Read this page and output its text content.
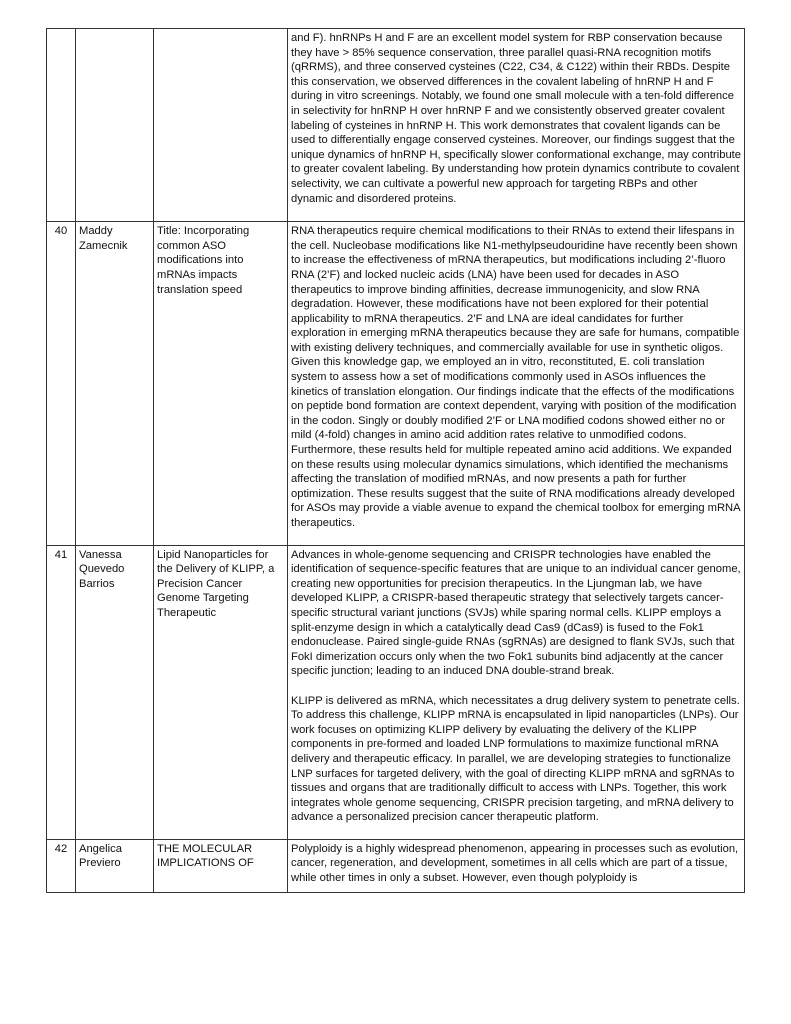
			and F). hnRNPs H and F are an excellent model system for RBP conservation because they have > 85% sequence conservation, three parallel quasi-RNA recognition motifs (qRRMS), and three conserved cysteines (C22, C34, & C122) within their RBDs. Despite this conservation, we observed differences in the covalent labeling of hnRNP H and F during in vitro screenings. Notably, we found one small molecule with a ten-fold difference in selectivity for hnRNP H over hnRNP F and we consistently observed greater covalent labeling of cysteines in hnRNP H. This work demonstrates that covalent ligands can be used to differentially engage conserved cysteines. Moreover, our findings suggest that the unique dynamics of hnRNP H, specifically slower conformational exchange, may contribute to greater covalent labeling. By understanding how protein dynamics contribute to covalent selectivity, we can cultivate a powerful new approach for targeting RBPs and other dynamic and disordered proteins.

40	Maddy Zamecnik	Title: Incorporating common ASO modifications into mRNAs impacts translation speed	RNA therapeutics require chemical modifications to their RNAs to extend their lifespans in the cell. Nucleobase modifications like N1-methylpseudouridine have recently been shown to increase the effectiveness of mRNA therapeutics, but modifications including 2’-fluoro RNA (2’F) and locked nucleic acids (LNA) have been used for decades in ASO therapeutics to improve binding affinities, decrease immunogenicity, and slow RNA degradation. However, these modifications have not been explored for their potential applicability to mRNA therapeutics. 2’F and LNA are ideal candidates for further exploration in emerging mRNA therapeutics because they are safe for humans, compatible with existing delivery techniques, and commercially available for use in synthetic oligos. Given this knowledge gap, we employed an in vitro, reconstituted, E. coli translation system to assess how a set of modifications commonly used in ASOs influences the kinetics of translation elongation. Our findings indicate that the effects of the modifications on peptide bond formation are context dependent, varying with position of the modification in the codon. Singly or doubly modified 2’F or LNA modified codons showed either no or mild (4-fold) changes in amino acid addition rates relative to unmodified codons. Furthermore, these results held for multiple repeated amino acid additions. We expanded on these results using molecular dynamics simulations, which identified the mechanisms affecting the translation of modified mRNAs, and now presents a path for further optimization. These results suggest that the suite of RNA modifications already developed for ASOs may provide a viable avenue to expand the chemical toolbox for emerging mRNA therapeutics.

41	Vanessa Quevedo Barrios	Lipid Nanoparticles for the Delivery of KLIPP, a Precision Cancer Genome Targeting Therapeutic	Advances in whole-genome sequencing and CRISPR technologies have enabled the identification of sequence-specific features that are unique to an individual cancer genome, creating new opportunities for precision therapeutics. In the Ljungman lab, we have developed KLIPP, a CRISPR-based therapeutic strategy that selectively targets cancer-specific structural variant junctions (SVJs) while sparing normal cells. KLIPP employs a split-enzyme design in which a catalytically dead Cas9 (dCas9) is fused to the Fok1 endonuclease. Paired single-guide RNAs (sgRNAs) are designed to flank SVJs, such that FokI dimerization occurs only when the two Fok1 subunits bind adjacently at the cancer specific junction; leading to an induced DNA double-strand break.

KLIPP is delivered as mRNA, which necessitates a drug delivery system to penetrate cells. To address this challenge, KLIPP mRNA is encapsulated in lipid nanoparticles (LNPs). Our work focuses on optimizing KLIPP delivery by evaluating the delivery of the KLIPP components in pre-formed and loaded LNP formulations to maximize functional mRNA delivery and therapeutic efficacy. In parallel, we are developing strategies to functionalize LNP surfaces for targeted delivery, with the goal of directing KLIPP mRNA and sgRNAs to tissues and organs that are traditionally difficult to access with LNPs. Together, this work integrates whole genome sequencing, CRISPR precision targeting, and mRNA delivery to advance a personalized precision cancer therapeutic platform.

42	Angelica Previero	THE MOLECULAR IMPLICATIONS OF	Polyploidy is a highly widespread phenomenon, appearing in processes such as evolution, cancer, regeneration, and development, sometimes in all cells which are part of a tissue, while other times in only a subset. However, even though polyploidy is
